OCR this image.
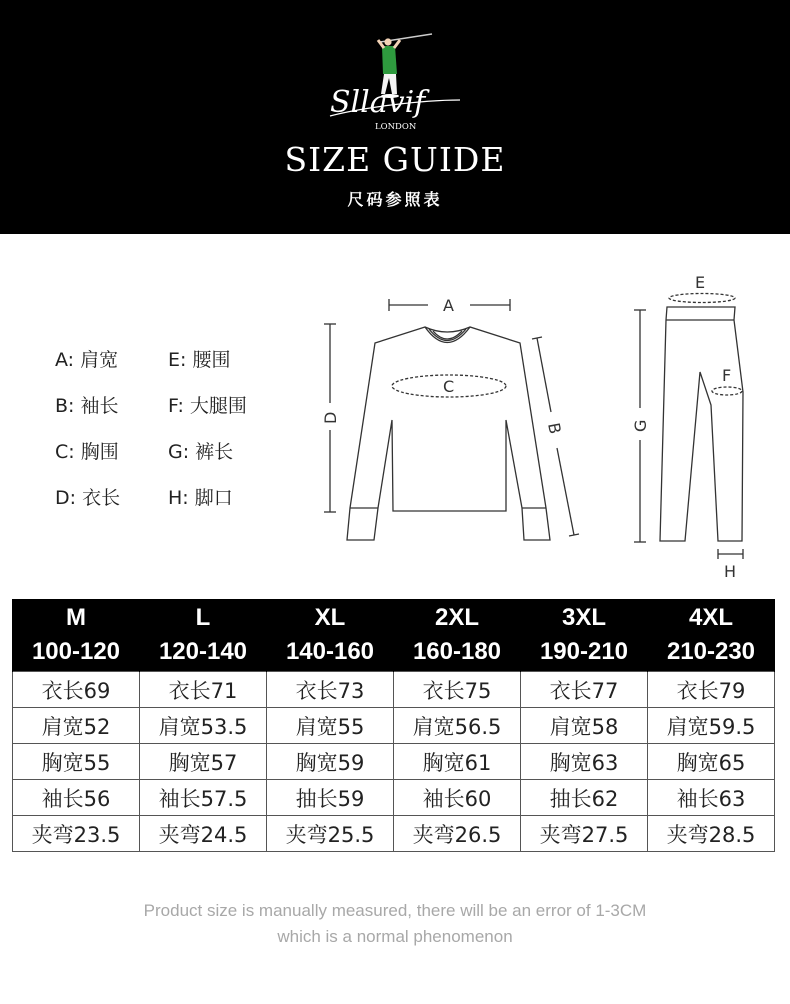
Sllavif
LONDON
SIZE GUIDE
尺码参照表
A: 肩宽
B: 袖长
C: 胸围
D: 衣长
E: 腰围
F: 大腿围
G: 裤长
H: 脚口
A
C
D
B
E
F
G
H
M	L	XL	2XL	3XL	4XL
100-120	120-140	140-160	160-180	190-210	210-230
衣长69	衣长71	衣长73	衣长75	衣长77	衣长79
肩宽52	肩宽53.5	肩宽55	肩宽56.5	肩宽58	肩宽59.5
胸宽55	胸宽57	胸宽59	胸宽61	胸宽63	胸宽65
袖长56	袖长57.5	抽长59	袖长60	抽长62	袖长63
夹弯23.5	夹弯24.5	夹弯25.5	夹弯26.5	夹弯27.5	夹弯28.5
Product size is manually measured, there will be an error of 1-3CM
which is a normal phenomenon
